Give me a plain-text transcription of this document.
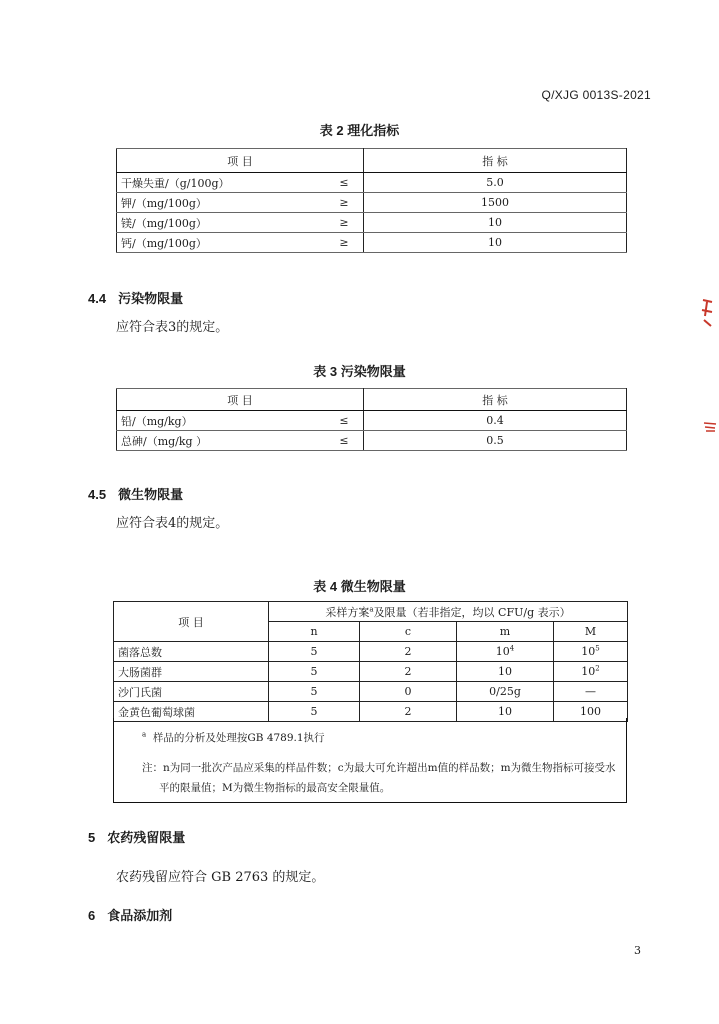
Q/XJG 0013S-2021
表 2 理化指标
项 目		指 标
干燥失重/（g/100g）	≤	5.0
钾/（mg/100g）	≥	1500
镁/（mg/100g）	≥	10
钙/（mg/100g）	≥	10
4.4 污染物限量
应符合表3的规定。
表 3 污染物限量
项 目		指 标
铅/（mg/kg）	≤	0.4
总砷/（mg/kg ）	≤	0.5
4.5 微生物限量
应符合表4的规定。
表 4 微生物限量
项 目	采样方案$^a$及限量（若非指定，均以 CFU/g 表示）			
	n	c	m	M
菌落总数	5	2	$10^4$	$10^5$
大肠菌群	5	2	10	$10^2$
沙门氏菌	5	0	0/25g	—
金黄色葡萄球菌	5	2	10	100
$^a$ 样品的分析及处理按GB 4789.1执行
注：n为同一批次产品应采集的样品件数；c为最大可允许超出m值的样品数；m为微生物指标可接受水
平的限量值；M为微生物指标的最高安全限量值。
5 农药残留限量
农药残留应符合 GB 2763 的规定。
6 食品添加剂
3
